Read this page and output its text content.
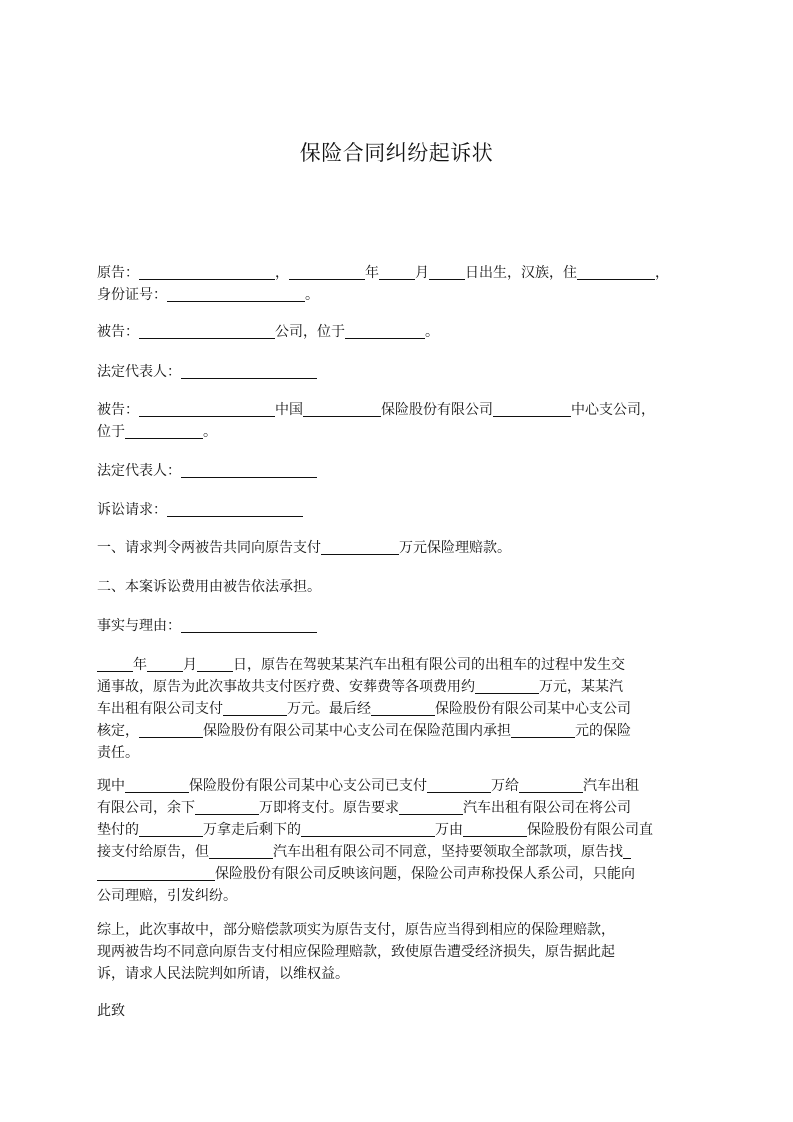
保险合同纠纷起诉状
原告：	，	年	月	日出生，汉族，住	，
身份证号：	。
被告：	公司，位于	。
法定代表人：
被告：	中国	保险股份有限公司	中心支公司，
位于	。
法定代表人：
诉讼请求：
一、请求判令两被告共同向原告支付	万元保险理赔款。
二、本案诉讼费用由被告依法承担。
事实与理由：
年	月	日，原告在驾驶某某汽车出租有限公司的出租车的过程中发生交
通事故，原告为此次事故共支付医疗费、安葬费等各项费用约	万元，某某汽
车出租有限公司支付	万元。最后经	保险股份有限公司某中心支公司
核定，	保险股份有限公司某中心支公司在保险范围内承担	元的保险
责任。
现中	保险股份有限公司某中心支公司已支付	万给	汽车出租
有限公司，余下	万即将支付。原告要求	汽车出租有限公司在将公司
垫付的	万拿走后剩下的	万由	保险股份有限公司直
接支付给原告，但	汽车出租有限公司不同意，坚持要领取全部款项，原告找
保险股份有限公司反映该问题，保险公司声称投保人系公司，只能向
公司理赔，引发纠纷。
综上，此次事故中，部分赔偿款项实为原告支付，原告应当得到相应的保险理赔款，
现两被告均不同意向原告支付相应保险理赔款，致使原告遭受经济损失，原告据此起
诉，请求人民法院判如所请，以维权益。
此致
